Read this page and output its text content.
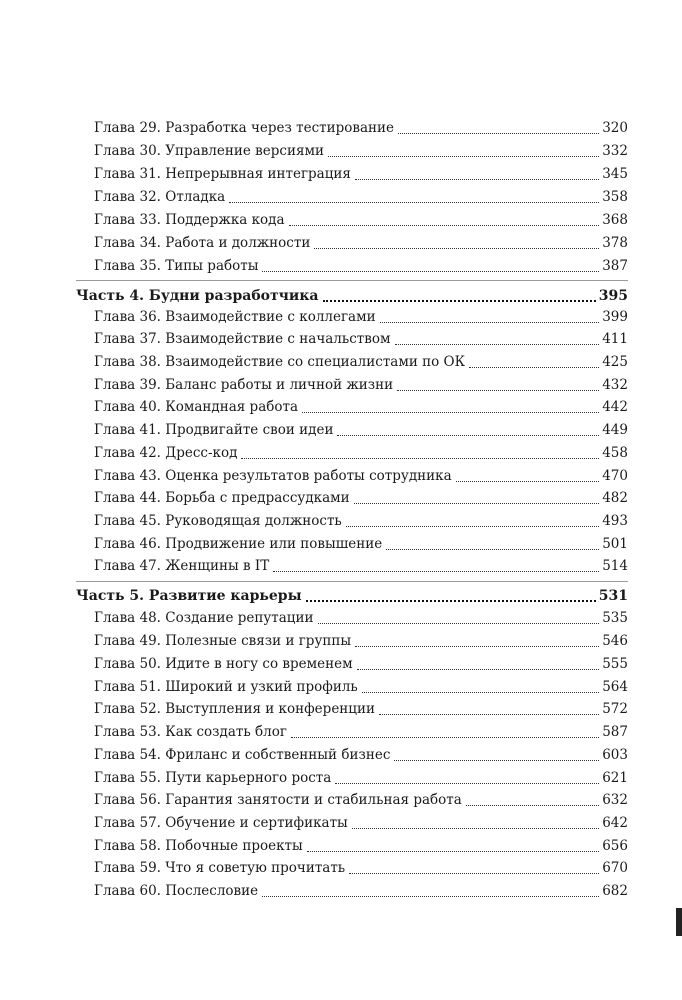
Глава 29. Разработка через тестирование	320
Глава 30. Управление версиями	332
Глава 31. Непрерывная интеграция	345
Глава 32. Отладка	358
Глава 33. Поддержка кода	368
Глава 34. Работа и должности	378
Глава 35. Типы работы	387
Часть 4. Будни разработчика	395
Глава 36. Взаимодействие с коллегами	399
Глава 37. Взаимодействие с начальством	411
Глава 38. Взаимодействие со специалистами по ОК	425
Глава 39. Баланс работы и личной жизни	432
Глава 40. Командная работа	442
Глава 41. Продвигайте свои идеи	449
Глава 42. Дресс-код	458
Глава 43. Оценка результатов работы сотрудника	470
Глава 44. Борьба с предрассудками	482
Глава 45. Руководящая должность	493
Глава 46. Продвижение или повышение	501
Глава 47. Женщины в IT	514
Часть 5. Развитие карьеры	531
Глава 48. Создание репутации	535
Глава 49. Полезные связи и группы	546
Глава 50. Идите в ногу со временем	555
Глава 51. Широкий и узкий профиль	564
Глава 52. Выступления и конференции	572
Глава 53. Как создать блог	587
Глава 54. Фриланс и собственный бизнес	603
Глава 55. Пути карьерного роста	621
Глава 56. Гарантия занятости и стабильная работа	632
Глава 57. Обучение и сертификаты	642
Глава 58. Побочные проекты	656
Глава 59. Что я советую прочитать	670
Глава 60. Послесловие	682
